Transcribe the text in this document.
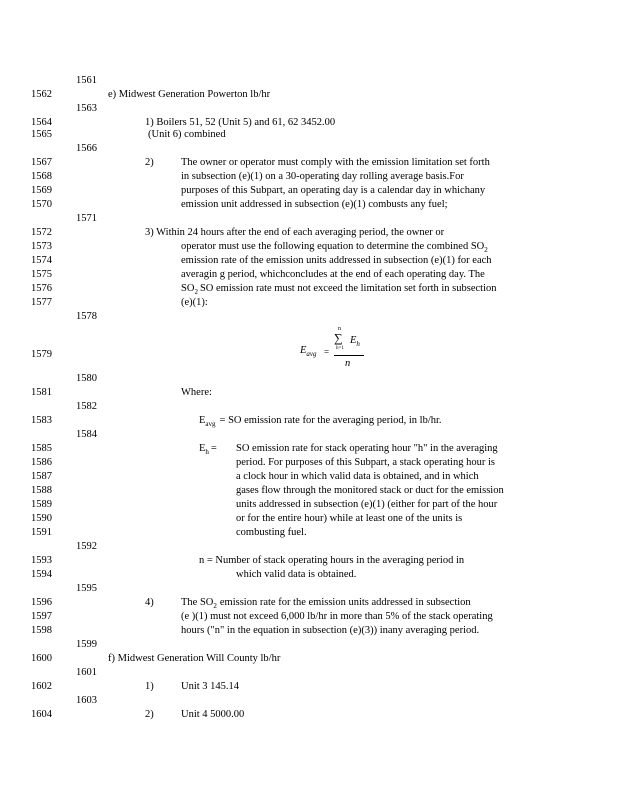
1561
1562	e) Midwest Generation Powerton lb/hr
1563
1564	1) Boilers 51, 52 (Unit 5) and 61, 62 3452.00
1565	(Unit 6) combined
1566
1567	2)	The owner or operator must comply with the emission limitation set forth
1568	in subsection (e)(1) on a 30-operating day rolling average basis.For
1569	purposes of this Subpart, an operating day is a calendar day in whichany
1570	emission unit addressed in subsection (e)(1) combusts any fuel;
1571
1572	3) Within 24 hours after the end of each averaging period, the owner or
1573	operator must use the following equation to determine the combined $SO_2$
1574	emission rate of the emission units addressed in subsection (e)(1) for each
1575	averagin g period, whichconcludes at the end of each operating day. The
1576	$SO_2$ SO emission rate must not exceed the limitation set forth in subsection
1577	(e)(1):
1578
1579	$E_{avg}$ =
n
∑ $E_h$
h=1
n
1580
1581	Where:
1582
1583	$E_{avg}$ = SO emission rate for the averaging period, in lb/hr.
1584
1585	$E_h$ = SO emission rate for stack operating hour "h" in the averaging
1586	period. For purposes of this Subpart, a stack operating hour is
1587	a clock hour in which valid data is obtained, and in which
1588	gases flow through the monitored stack or duct for the emission
1589	units addressed in subsection (e)(1) (either for part of the hour
1590	or for the entire hour) while at least one of the units is
1591	combusting fuel.
1592
1593	n = Number of stack operating hours in the averaging period in
1594	which valid data is obtained.
1595
1596	4)	The $SO_2$ emission rate for the emission units addressed in subsection
1597	(e )(1) must not exceed 6,000 lb/hr in more than 5% of the stack operating
1598	hours ("n" in the equation in subsection (e)(3)) inany averaging period.
1599
1600	f) Midwest Generation Will County lb/hr
1601
1602	1)	Unit 3 145.14
1603
1604	2)	Unit 4 5000.00
